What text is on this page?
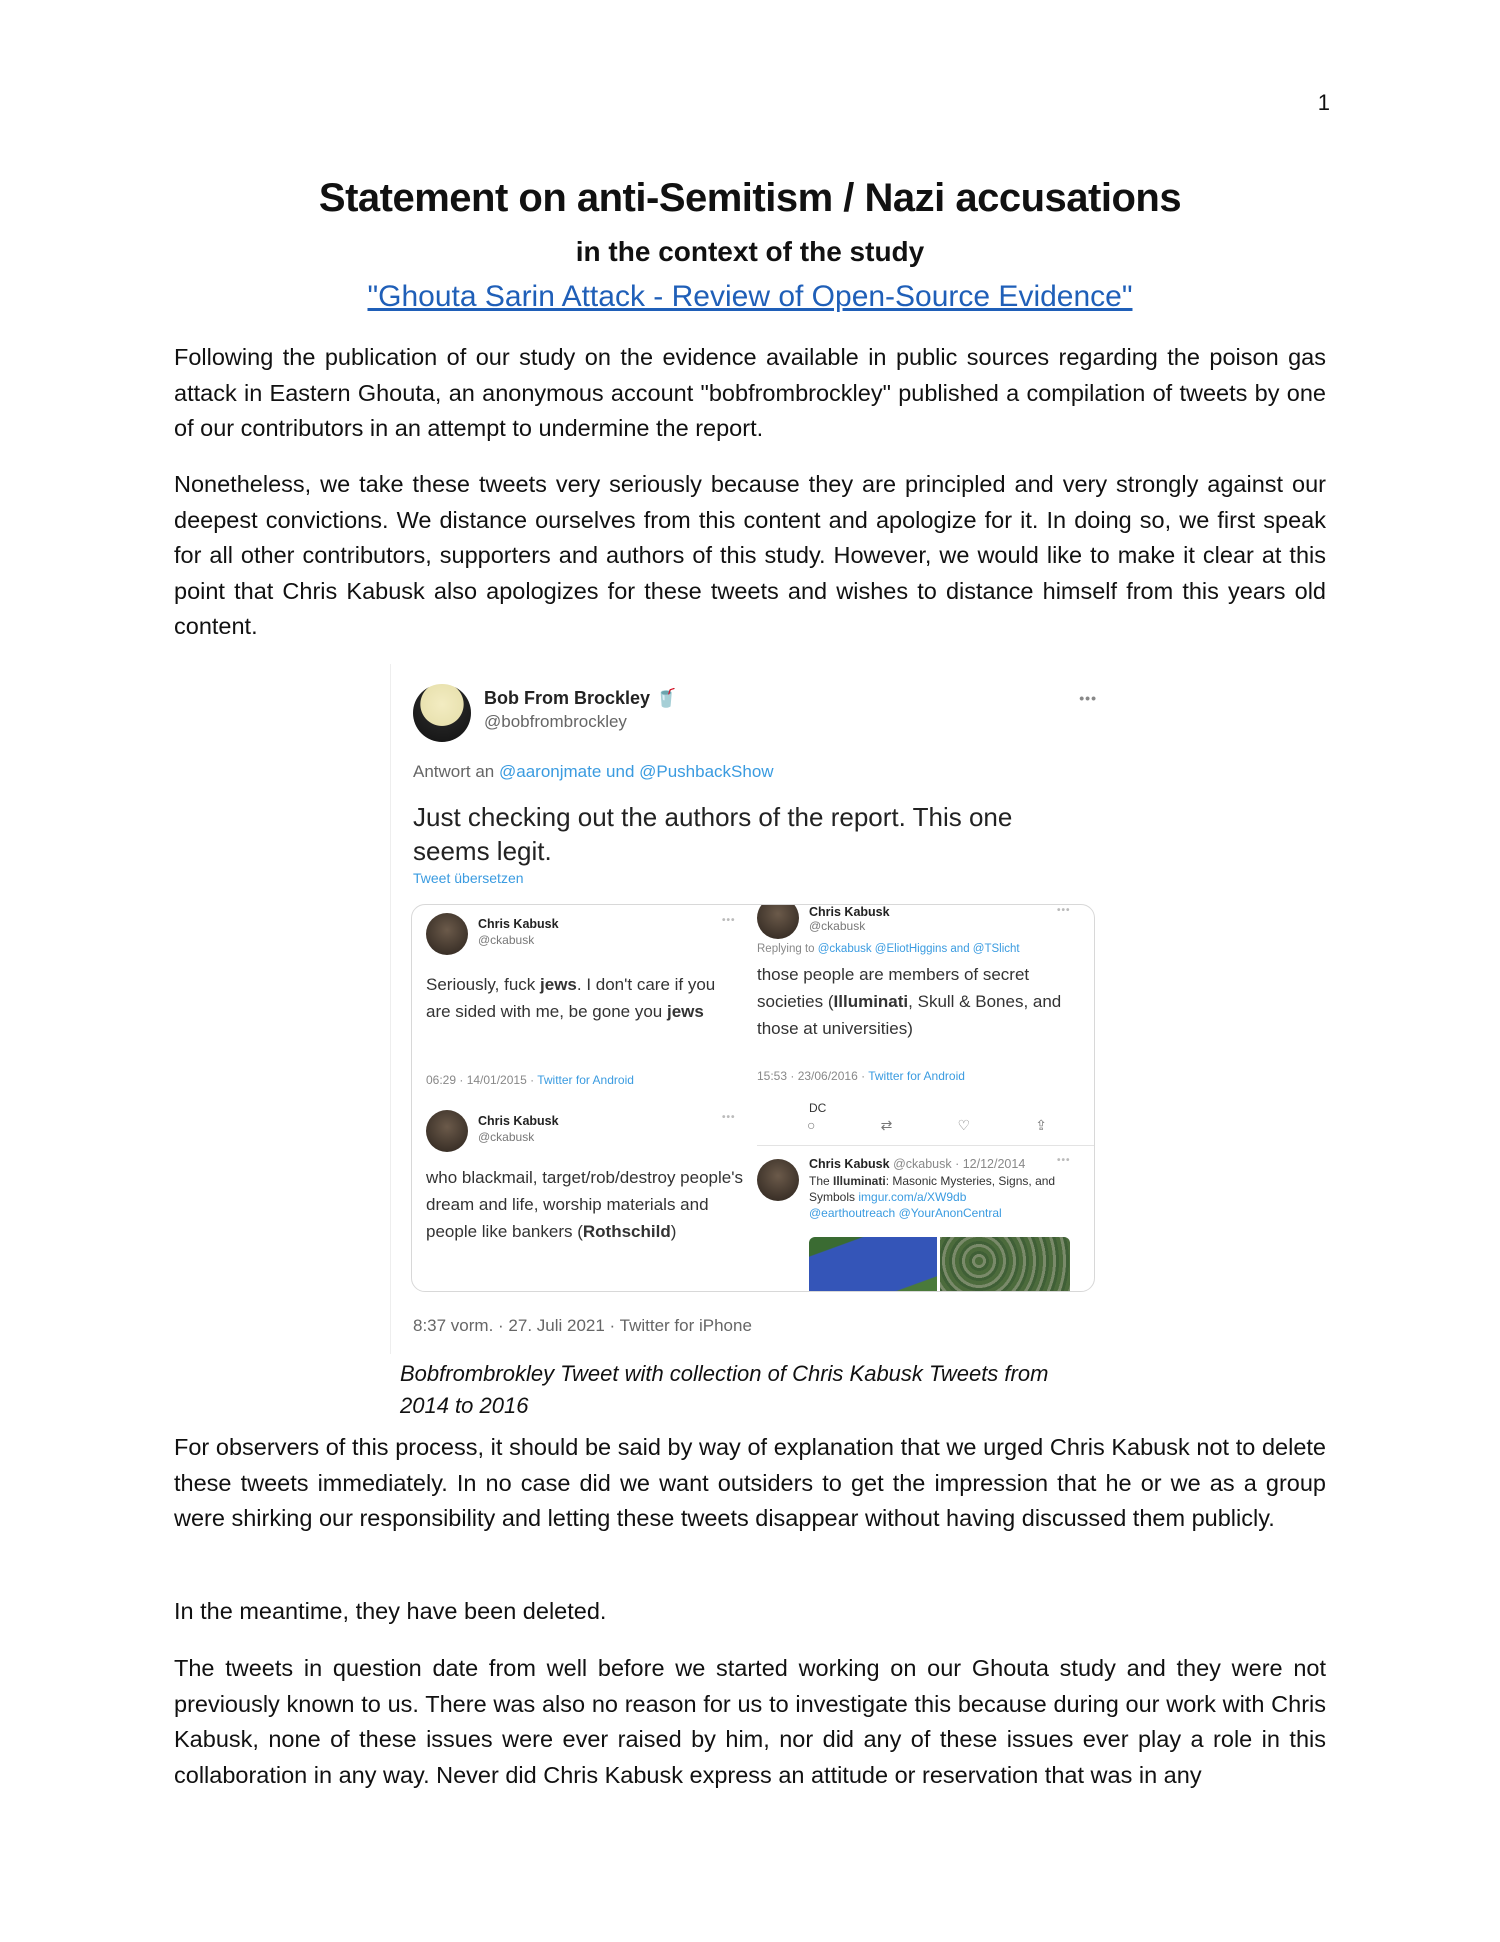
1
Statement on anti-Semitism / Nazi accusations
in the context of the study
"Ghouta Sarin Attack - Review of Open-Source Evidence"

Following the publication of our study on the evidence available in public sources regarding the poison gas attack in Eastern Ghouta, an anonymous account "bobfrombrockley" published a compilation of tweets by one of our contributors in an attempt to undermine the report.

Nonetheless, we take these tweets very seriously because they are principled and very strongly against our deepest convictions. We distance ourselves from this content and apologize for it. In doing so, we first speak for all other contributors, supporters and authors of this study. However, we would like to make it clear at this point that Chris Kabusk also apologizes for these tweets and wishes to distance himself from this years old content.

Bob From Brockley 🥤
@bobfrombrockley
•••
Antwort an @aaronjmate und @PushbackShow
Just checking out the authors of the report. This one seems legit.
Tweet übersetzen
Chris Kabusk
@ckabusk
•••
Seriously, fuck jews. I don't care if you are sided with me, be gone you jews
06:29 · 14/01/2015 · Twitter for Android
Chris Kabusk
@ckabusk
•••
who blackmail, target/rob/destroy people's dream and life, worship materials and people like bankers (Rothschild)
Chris Kabusk
@ckabusk
•••
Replying to @ckabusk @EliotHiggins and @TSlicht
those people are members of secret societies (Illuminati, Skull & Bones, and those at universities)
15:53 · 23/06/2016 · Twitter for Android
DC
○	⇄	♡	⇪
Chris Kabusk @ckabusk · 12/12/2014	•••
The Illuminati: Masonic Mysteries, Signs, and Symbols imgur.com/a/XW9db
@earthoutreach @YourAnonCentral
8:37 vorm. · 27. Juli 2021 · Twitter for iPhone
Bobfrombrokley Tweet with collection of Chris Kabusk Tweets from 2014 to 2016

For observers of this process, it should be said by way of explanation that we urged Chris Kabusk not to delete these tweets immediately. In no case did we want outsiders to get the impression that he or we as a group were shirking our responsibility and letting these tweets disappear without having discussed them publicly.

In the meantime, they have been deleted.

The tweets in question date from well before we started working on our Ghouta study and they were not previously known to us. There was also no reason for us to investigate this because during our work with Chris Kabusk, none of these issues were ever raised by him, nor did any of these issues ever play a role in this collaboration in any way. Never did Chris Kabusk express an attitude or reservation that was in any
